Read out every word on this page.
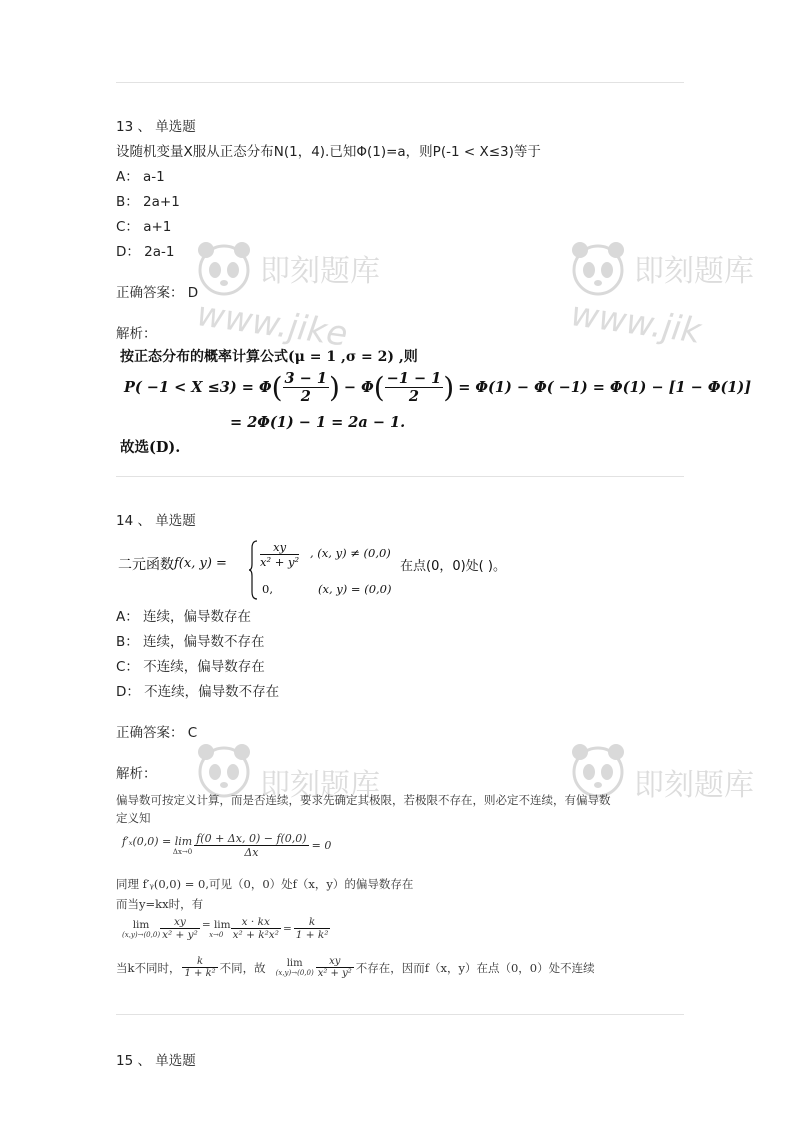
即刻题库
www.jike
即刻题库
www.jik
即刻题库	即刻题库
13 、 单选题
设随机变量X服从正态分布N(1，4).已知Φ(1)=a，则P(-1 < X≤3)等于
A： a-1
B： 2a+1
C： a+1
D： 2a-1
正确答案： D
解析：
按正态分布的概率计算公式(μ = 1 ,σ = 2) ,则
P( −1 < X ≤3) = Φ ( $\frac{3 - 1}{2}$ ) − Φ ( $\frac{-1 - 1}{2}$ ) = Φ(1) − Φ( −1) = Φ(1) − [1 − Φ(1)]
= 2Φ(1) − 1 = 2a − 1.
故选(D).
14 、 单选题
二元函数 f(x, y) =
xy
x² + y²
, (x, y) ≠ (0,0)
0,	(x, y) = (0,0)
在点(0，0)处( )。
A： 连续，偏导数存在
B： 连续，偏导数不存在
C： 不连续，偏导数存在
D： 不连续，偏导数不存在
正确答案： C
解析：
偏导数可按定义计算，而是否连续，要求先确定其极限，若极限不存在，则必定不连续，有偏导数
定义知
f′ₓ(0,0) = lim
$\Delta x\to 0 \frac{f(0 + \Delta x, 0) - f(0,0)}{\Delta x} = 0$
同理 f′ᵧ(0,0) = 0,可见（0，0）处f（x，y）的偏导数存在
而当y=kx时，有
lim
$(x,y)\to(0,0) \frac{xy}{\text{x² + y²}} = \lim$
$x\to 0 \frac{x \cdot kx}{\text{x² + k²x²}} = \frac{k}{\text{1 + k²}}$
当k不同时， $\frac{k}{\text{1 + k²}}$ 不同，故 lim
$(x,y)\to(0,0) \frac{xy}{\text{x² + y²}}$ 不存在，因而f（x，y）在点（0，0）处不连续
15 、 单选题
